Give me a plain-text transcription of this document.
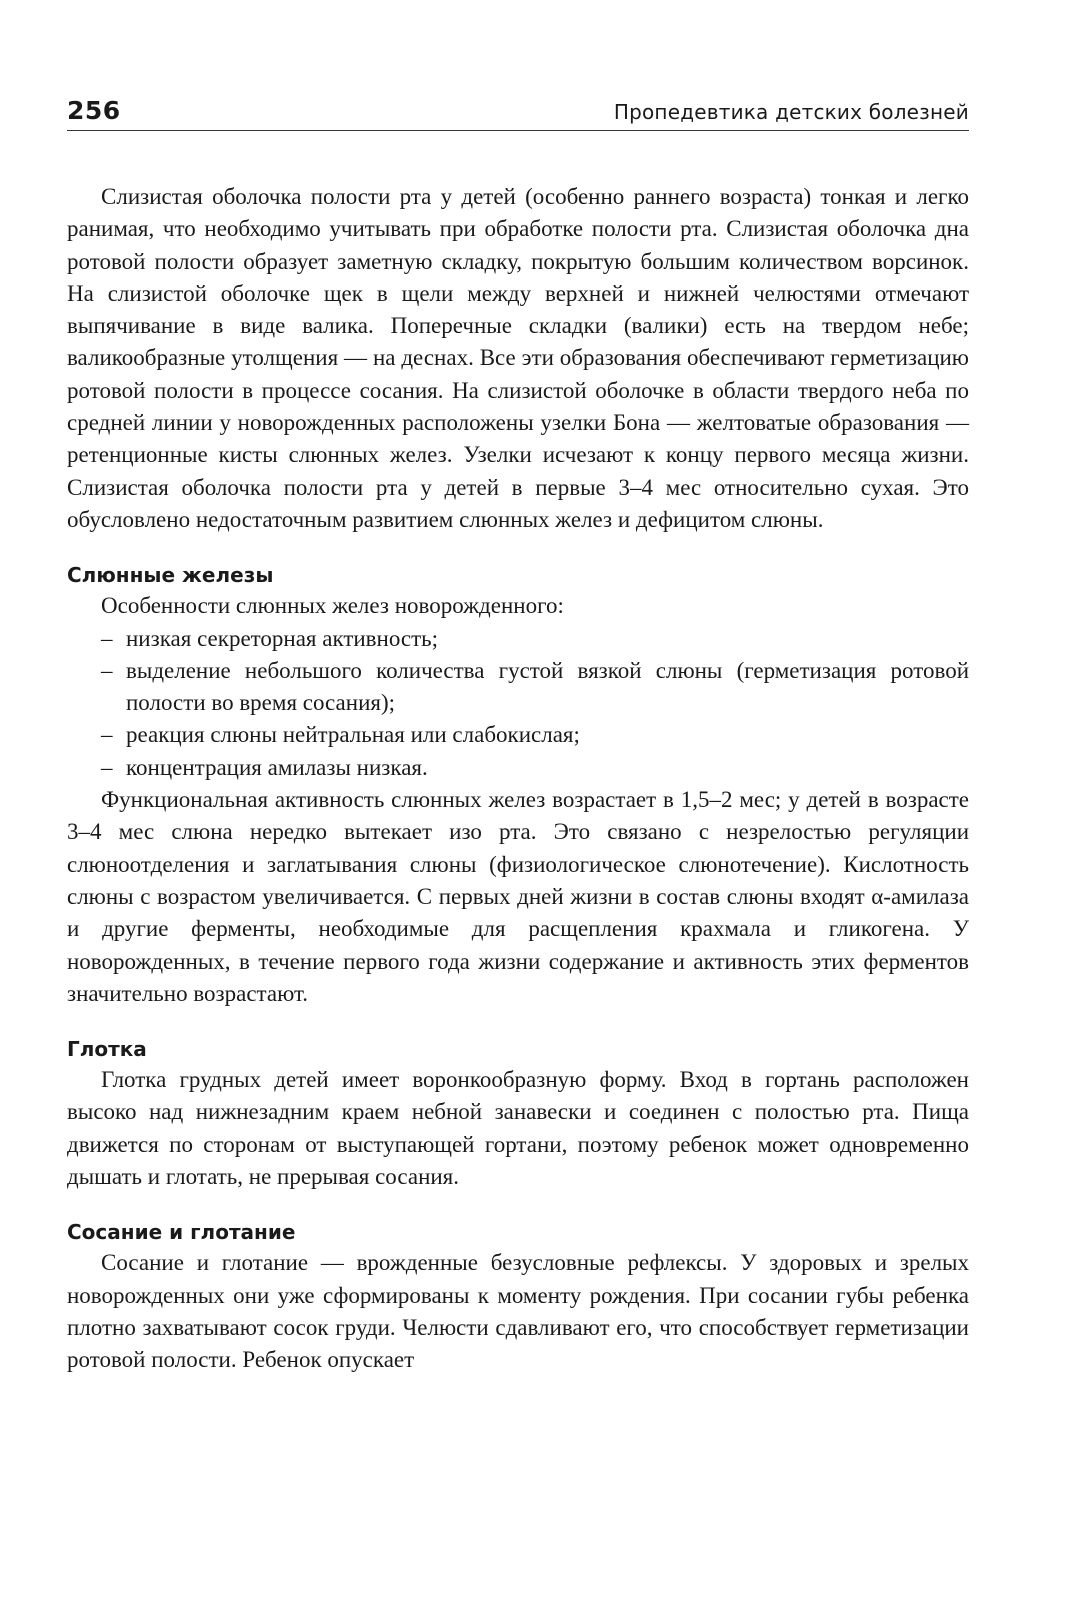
256	Пропедевтика детских болезней

Слизистая оболочка полости рта у детей (особенно раннего возраста) тонкая и легко ранимая, что необходимо учитывать при обработке полости рта. Слизистая оболочка дна ротовой полости образует заметную складку, покрытую большим количеством ворсинок. На слизистой оболочке щек в щели между верхней и нижней челюстями отмечают выпячивание в виде валика. Поперечные складки (валики) есть на твердом небе; валикообразные утолщения — на деснах. Все эти образования обеспечивают герметизацию ротовой полости в процессе сосания. На слизистой оболочке в области твердого неба по средней линии у новорожденных расположены узелки Бона — желтоватые образования — ретенционные кисты слюнных желез. Узелки исчезают к концу первого месяца жизни. Слизистая оболочка полости рта у детей в первые 3–4 мес относительно сухая. Это обусловлено недостаточным развитием слюнных желез и дефицитом слюны.

Слюнные железы

Особенности слюнных желез новорожденного:

– низкая секреторная активность;
– выделение небольшого количества густой вязкой слюны (герметизация ротовой полости во время сосания);
– реакция слюны нейтральная или слабокислая;
– концентрация амилазы низкая.

Функциональная активность слюнных желез возрастает в 1,5–2 мес; у детей в возрасте 3–4 мес слюна нередко вытекает изо рта. Это связано с незрелостью регуляции слюноотделения и заглатывания слюны (физиологическое слюнотечение). Кислотность слюны с возрастом увеличивается. С первых дней жизни в состав слюны входят α-амилаза и другие ферменты, необходимые для расщепления крахмала и гликогена. У новорожденных, в течение первого года жизни содержание и активность этих ферментов значительно возрастают.

Глотка

Глотка грудных детей имеет воронкообразную форму. Вход в гортань расположен высоко над нижнезадним краем небной занавески и соединен с полостью рта. Пища движется по сторонам от выступающей гортани, поэтому ребенок может одновременно дышать и глотать, не прерывая сосания.

Сосание и глотание

Сосание и глотание — врожденные безусловные рефлексы. У здоровых и зрелых новорожденных они уже сформированы к моменту рождения. При сосании губы ребенка плотно захватывают сосок груди. Челюсти сдавливают его, что способствует герметизации ротовой полости. Ребенок опускает
